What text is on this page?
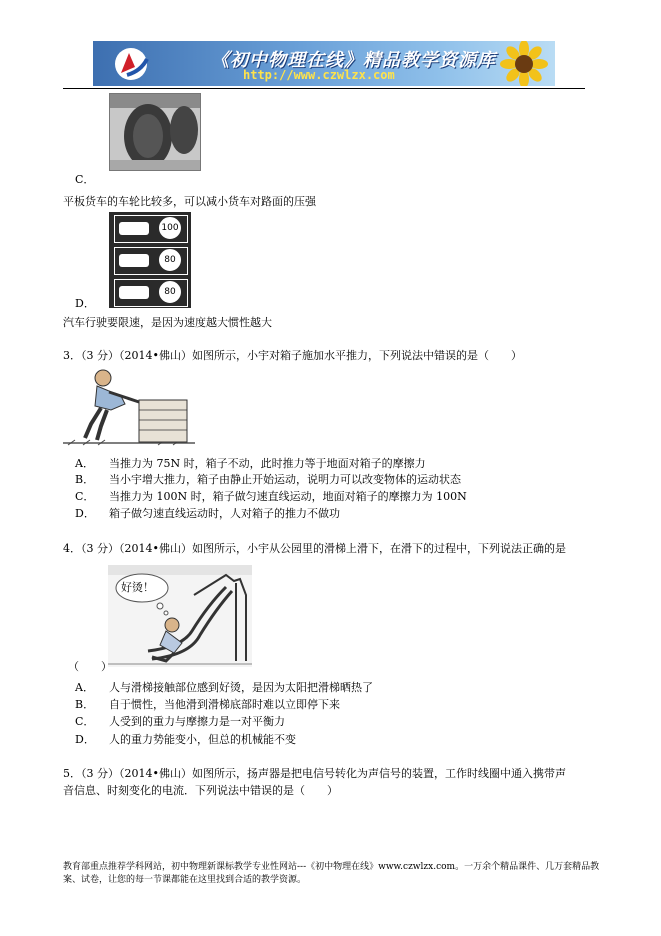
《初中物理在线》精品教学资源库
http://www.czwlzx.com
C．
平板货车的车轮比较多，可以减小货车对路面的压强
100
80
80
D．
汽车行驶要限速，是因为速度越大惯性越大
3．（3 分）（2014•佛山）如图所示，小宇对箱子施加水平推力，下列说法中错误的是（　　）
A． 当推力为 75N 时，箱子不动，此时推力等于地面对箱子的摩擦力
B． 当小宇增大推力，箱子由静止开始运动，说明力可以改变物体的运动状态
C． 当推力为 100N 时，箱子做匀速直线运动，地面对箱子的摩擦力为 100N
D． 箱子做匀速直线运动时，人对箱子的推力不做功
4．（3 分）（2014•佛山）如图所示，小宇从公园里的滑梯上滑下，在滑下的过程中，下列说法正确的是
好烫！
（　　）
A． 人与滑梯接触部位感到好烫，是因为太阳把滑梯晒热了
B． 自于惯性，当他滑到滑梯底部时难以立即停下来
C． 人受到的重力与摩擦力是一对平衡力
D． 人的重力势能变小，但总的机械能不变
5．（3 分）（2014•佛山）如图所示，扬声器是把电信号转化为声信号的装置，工作时线圈中通入携带声
音信息、时刻变化的电流．下列说法中错误的是（　　）
教育部重点推荐学科网站，初中物理新课标教学专业性网站---《初中物理在线》www.czwlzx.com。一万余个精品课件、几万套精品教案、试卷，让您的每一节课都能在这里找到合适的教学资源。
